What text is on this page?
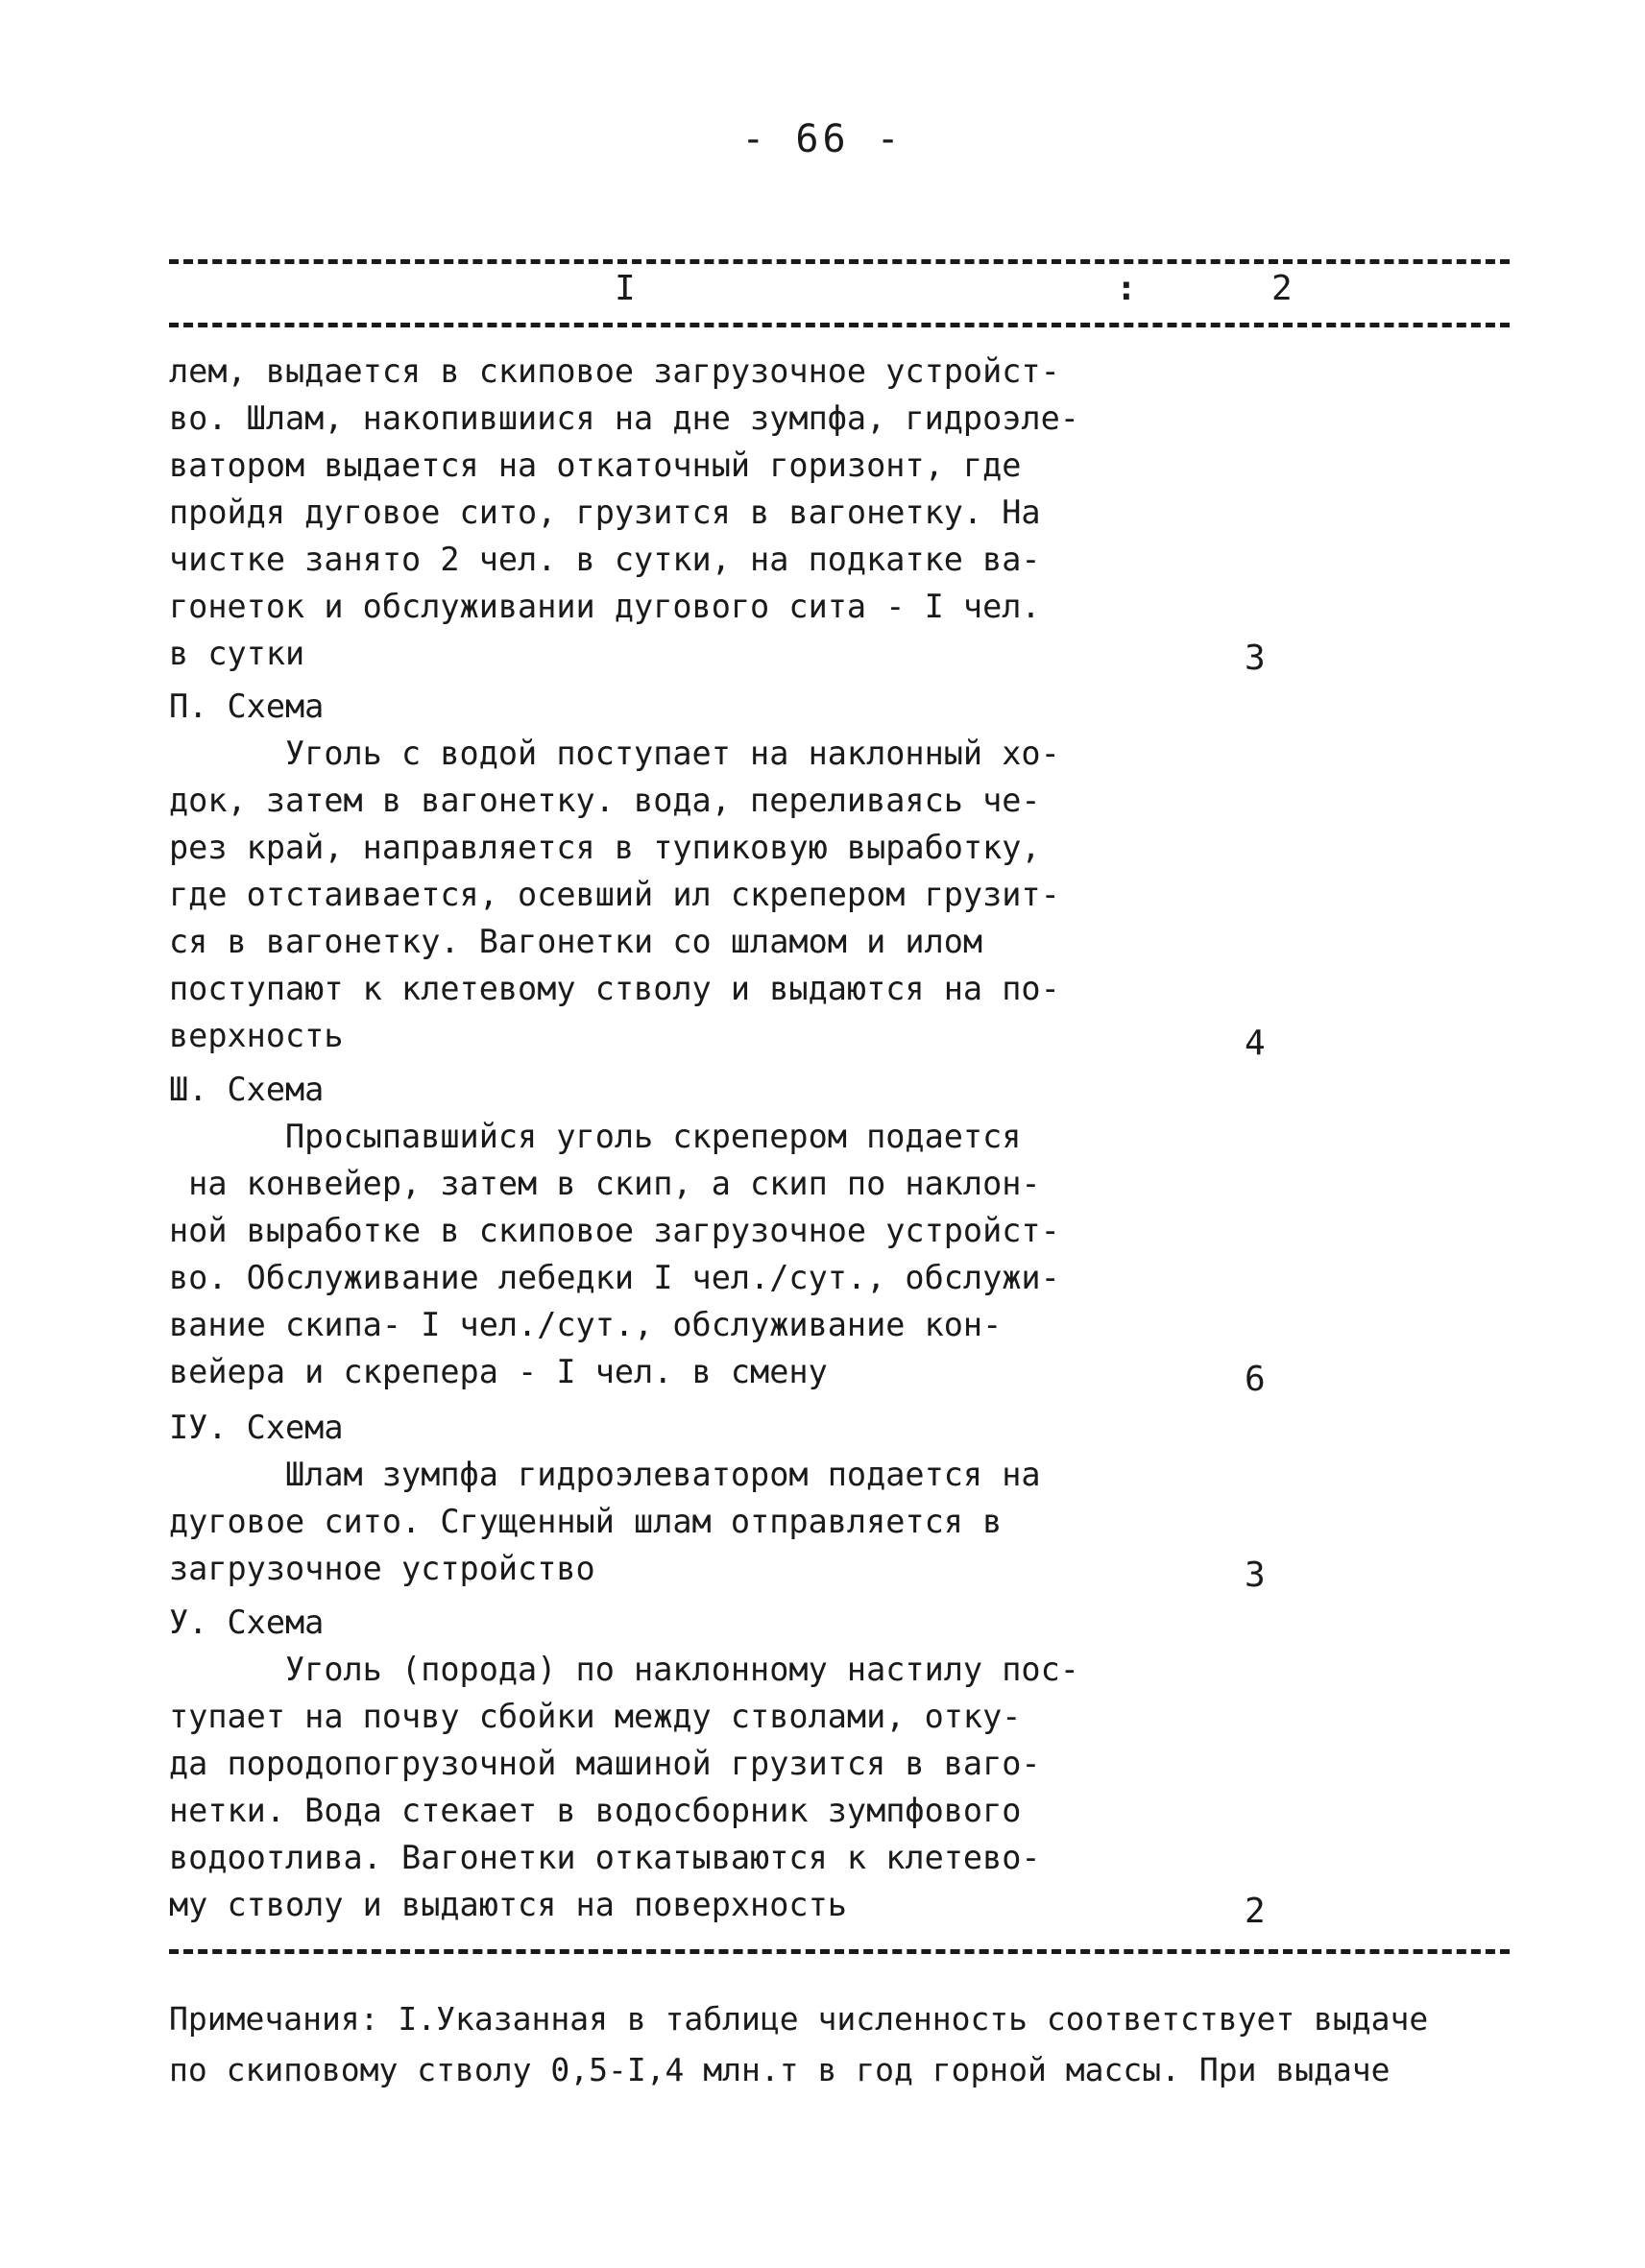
- 66 -
I	:	2
лем, выдается в скиповое загрузочное устройст-
во. Шлам, накопившиися на дне зумпфа, гидроэле-
ватором выдается на откаточный горизонт, где
пройдя дуговое сито, грузится в вагонетку. На
чистке занято 2 чел. в сутки, на подкатке ва-
гонеток и обслуживании дугового сита - I чел.
в сутки	3
П. Схема
Уголь с водой поступает на наклонный хо-
док, затем в вагонетку. вода, переливаясь че-
рез край, направляется в тупиковую выработку,
где отстаивается, осевший ил скрепером грузит-
ся в вагонетку. Вагонетки со шламом и илом
поступают к клетевому стволу и выдаются на по-
верхность	4
Ш. Схема
Просыпавшийся уголь скрепером подается
на конвейер, затем в скип, а скип по наклон-
ной выработке в скиповое загрузочное устройст-
во. Обслуживание лебедки I чел./сут., обслужи-
вание скипа- I чел./сут., обслуживание кон-
вейера и скрепера - I чел. в смену	6
IУ. Схема
Шлам зумпфа гидроэлеватором подается на
дуговое сито. Сгущенный шлам отправляется в
загрузочное устройство	3
У. Схема
Уголь (порода) по наклонному настилу пос-
тупает на почву сбойки между стволами, отку-
да породопогрузочной машиной грузится в ваго-
нетки. Вода стекает в водосборник зумпфового
водоотлива. Вагонетки откатываются к клетево-
му стволу и выдаются на поверхность	2
Примечания: I.Указанная в таблице численность соответствует выдаче
по скиповому стволу 0,5-I,4 млн.т в год горной массы. При выдаче
